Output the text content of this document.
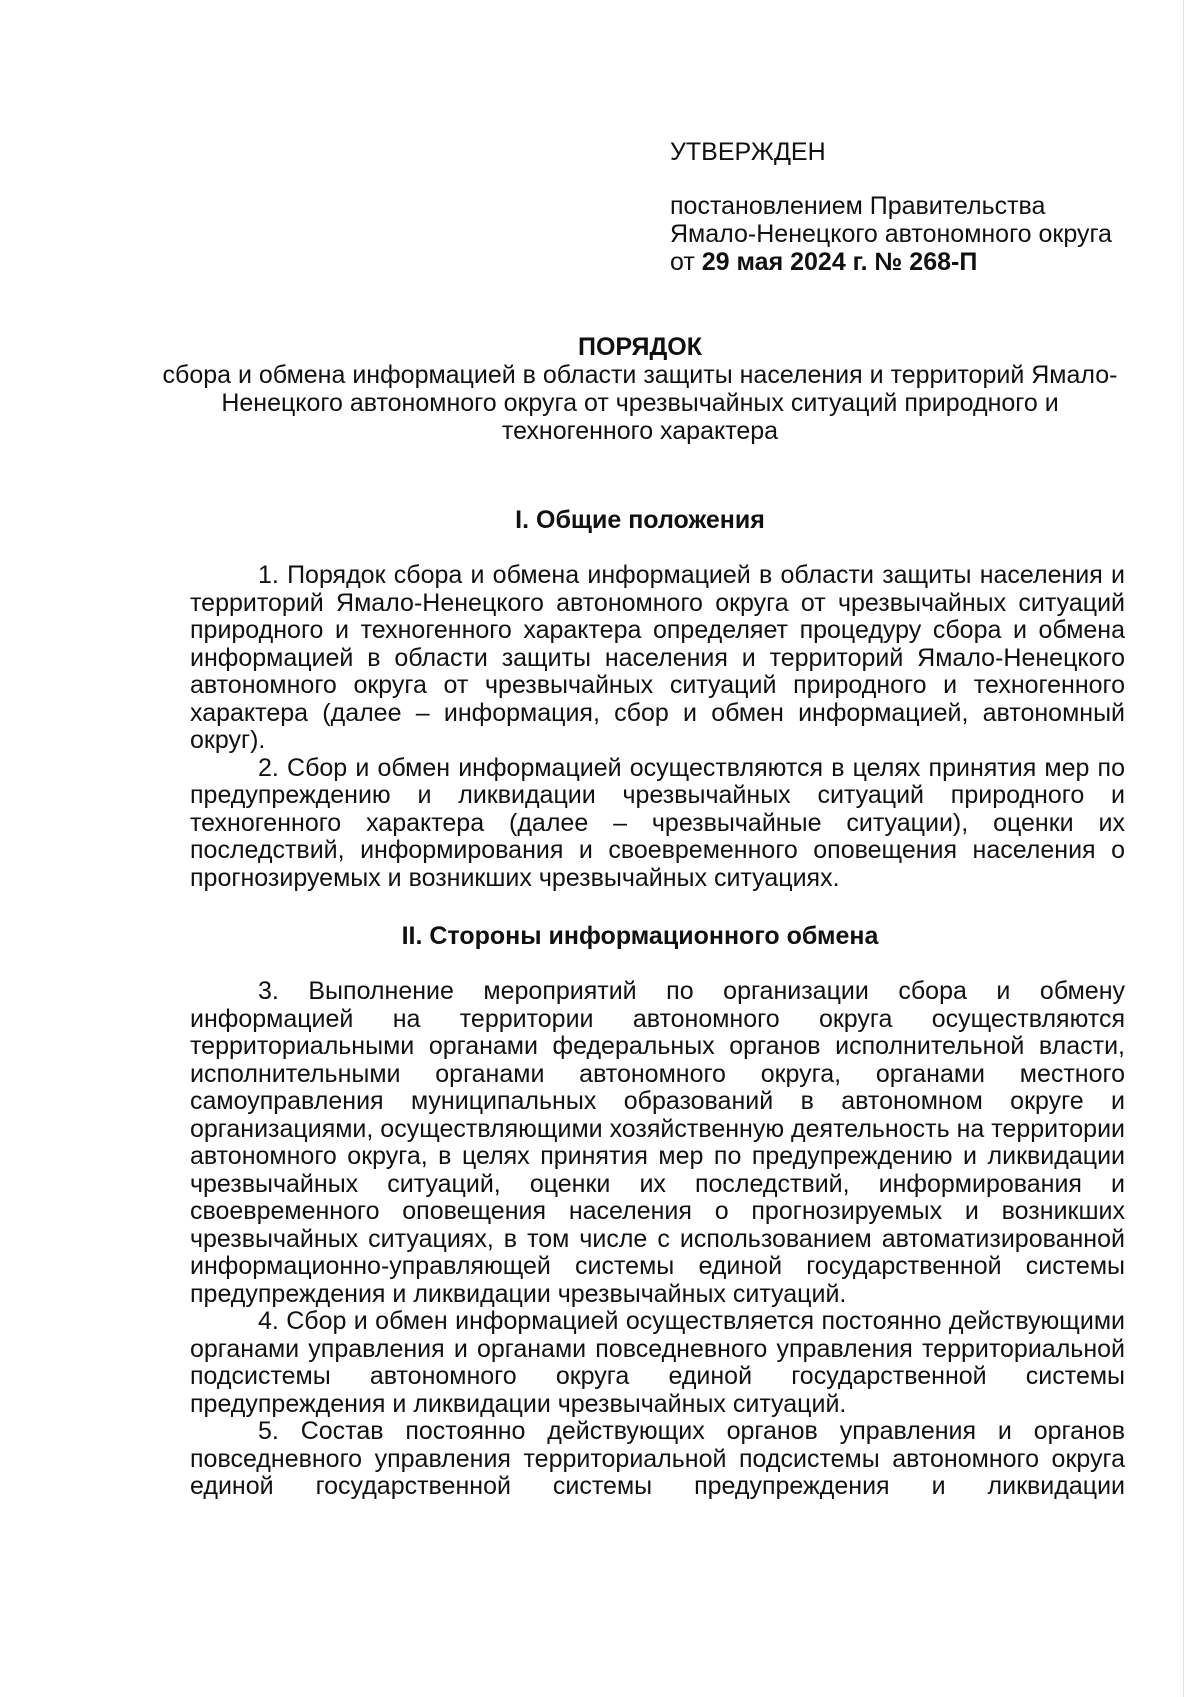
УТВЕРЖДЕН
постановлением Правительства
Ямало-Ненецкого автономного округа
от 29 мая 2024 г. № 268-П
ПОРЯДОК
сбора и обмена информацией в области защиты населения и территорий Ямало-Ненецкого автономного округа от чрезвычайных ситуаций природного и техногенного характера
I. Общие положения

1. Порядок сбора и обмена информацией в области защиты населения и территорий Ямало-Ненецкого автономного округа от чрезвычайных ситуаций природного и техногенного характера определяет процедуру сбора и обмена информацией в области защиты населения и территорий Ямало-Ненецкого автономного округа от чрезвычайных ситуаций природного и техногенного характера (далее – информация, сбор и обмен информацией, автономный округ).

2. Сбор и обмен информацией осуществляются в целях принятия мер по предупреждению и ликвидации чрезвычайных ситуаций природного и техногенного характера (далее – чрезвычайные ситуации), оценки их последствий, информирования и своевременного оповещения населения о прогнозируемых и возникших чрезвычайных ситуациях.

II. Стороны информационного обмена

3. Выполнение мероприятий по организации сбора и обмену информацией на территории автономного округа осуществляются территориальными органами федеральных органов исполнительной власти, исполнительными органами автономного округа, органами местного самоуправления муниципальных образований в автономном округе и организациями, осуществляющими хозяйственную деятельность на территории автономного округа, в целях принятия мер по предупреждению и ликвидации чрезвычайных ситуаций, оценки их последствий, информирования и своевременного оповещения населения о прогнозируемых и возникших чрезвычайных ситуациях, в том числе с использованием автоматизированной информационно-управляющей системы единой государственной системы предупреждения и ликвидации чрезвычайных ситуаций.

4. Сбор и обмен информацией осуществляется постоянно действующими органами управления и органами повседневного управления территориальной подсистемы автономного округа единой государственной системы предупреждения и ликвидации чрезвычайных ситуаций.

5. Состав постоянно действующих органов управления и органов повседневного управления территориальной подсистемы автономного округа единой государственной системы предупреждения и ликвидации
